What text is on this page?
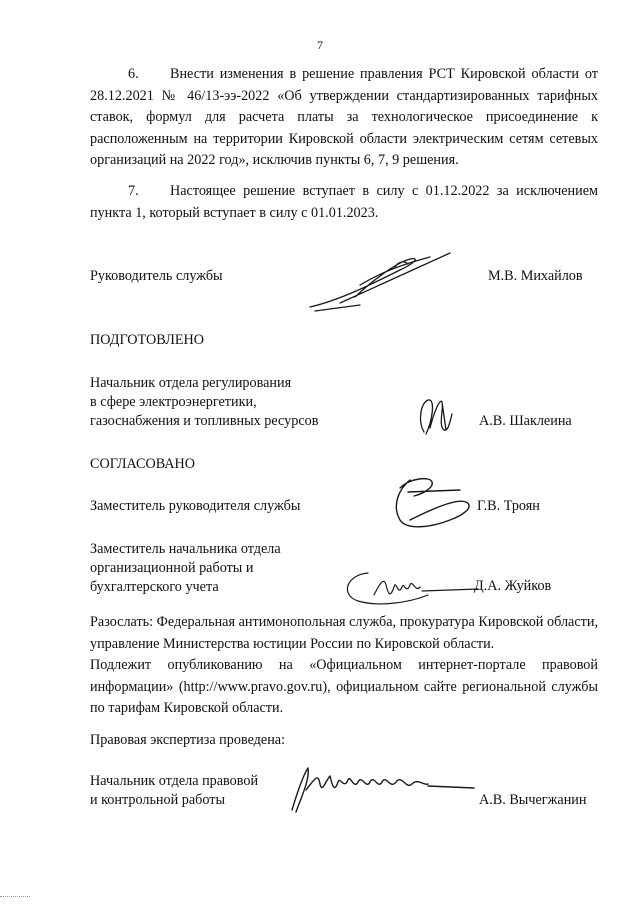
7

6. Внести изменения в решение правления РСТ Кировской области от 28.12.2021 № 46/13-ээ-2022 «Об утверждении стандартизированных тарифных ставок, формул для расчета платы за технологическое присоединение к расположенным на территории Кировской области электрическим сетям сетевых организаций на 2022 год», исключив пункты 6, 7, 9 решения.

7. Настоящее решение вступает в силу с 01.12.2022 за исключением пункта 1, который вступает в силу с 01.01.2023.

Руководитель службы	М.В. Михайлов
ПОДГОТОВЛЕНО
Начальник отдела регулирования
в сфере электроэнергетики,
газоснабжения и топливных ресурсов	А.В. Шаклеина
СОГЛАСОВАНО
Заместитель руководителя службы	Г.В. Троян
Заместитель начальника отдела
организационной работы и
бухгалтерского учета	Д.А. Жуйков

Разослать: Федеральная антимонопольная служба, прокуратура Кировской области, управление Министерства юстиции России по Кировской области.

Подлежит опубликованию на «Официальном интернет-портале правовой информации» (http://www.pravo.gov.ru), официальном сайте региональной службы по тарифам Кировской области.

Правовая экспертиза проведена:
Начальник отдела правовой
и контрольной работы	А.В. Вычегжанин
